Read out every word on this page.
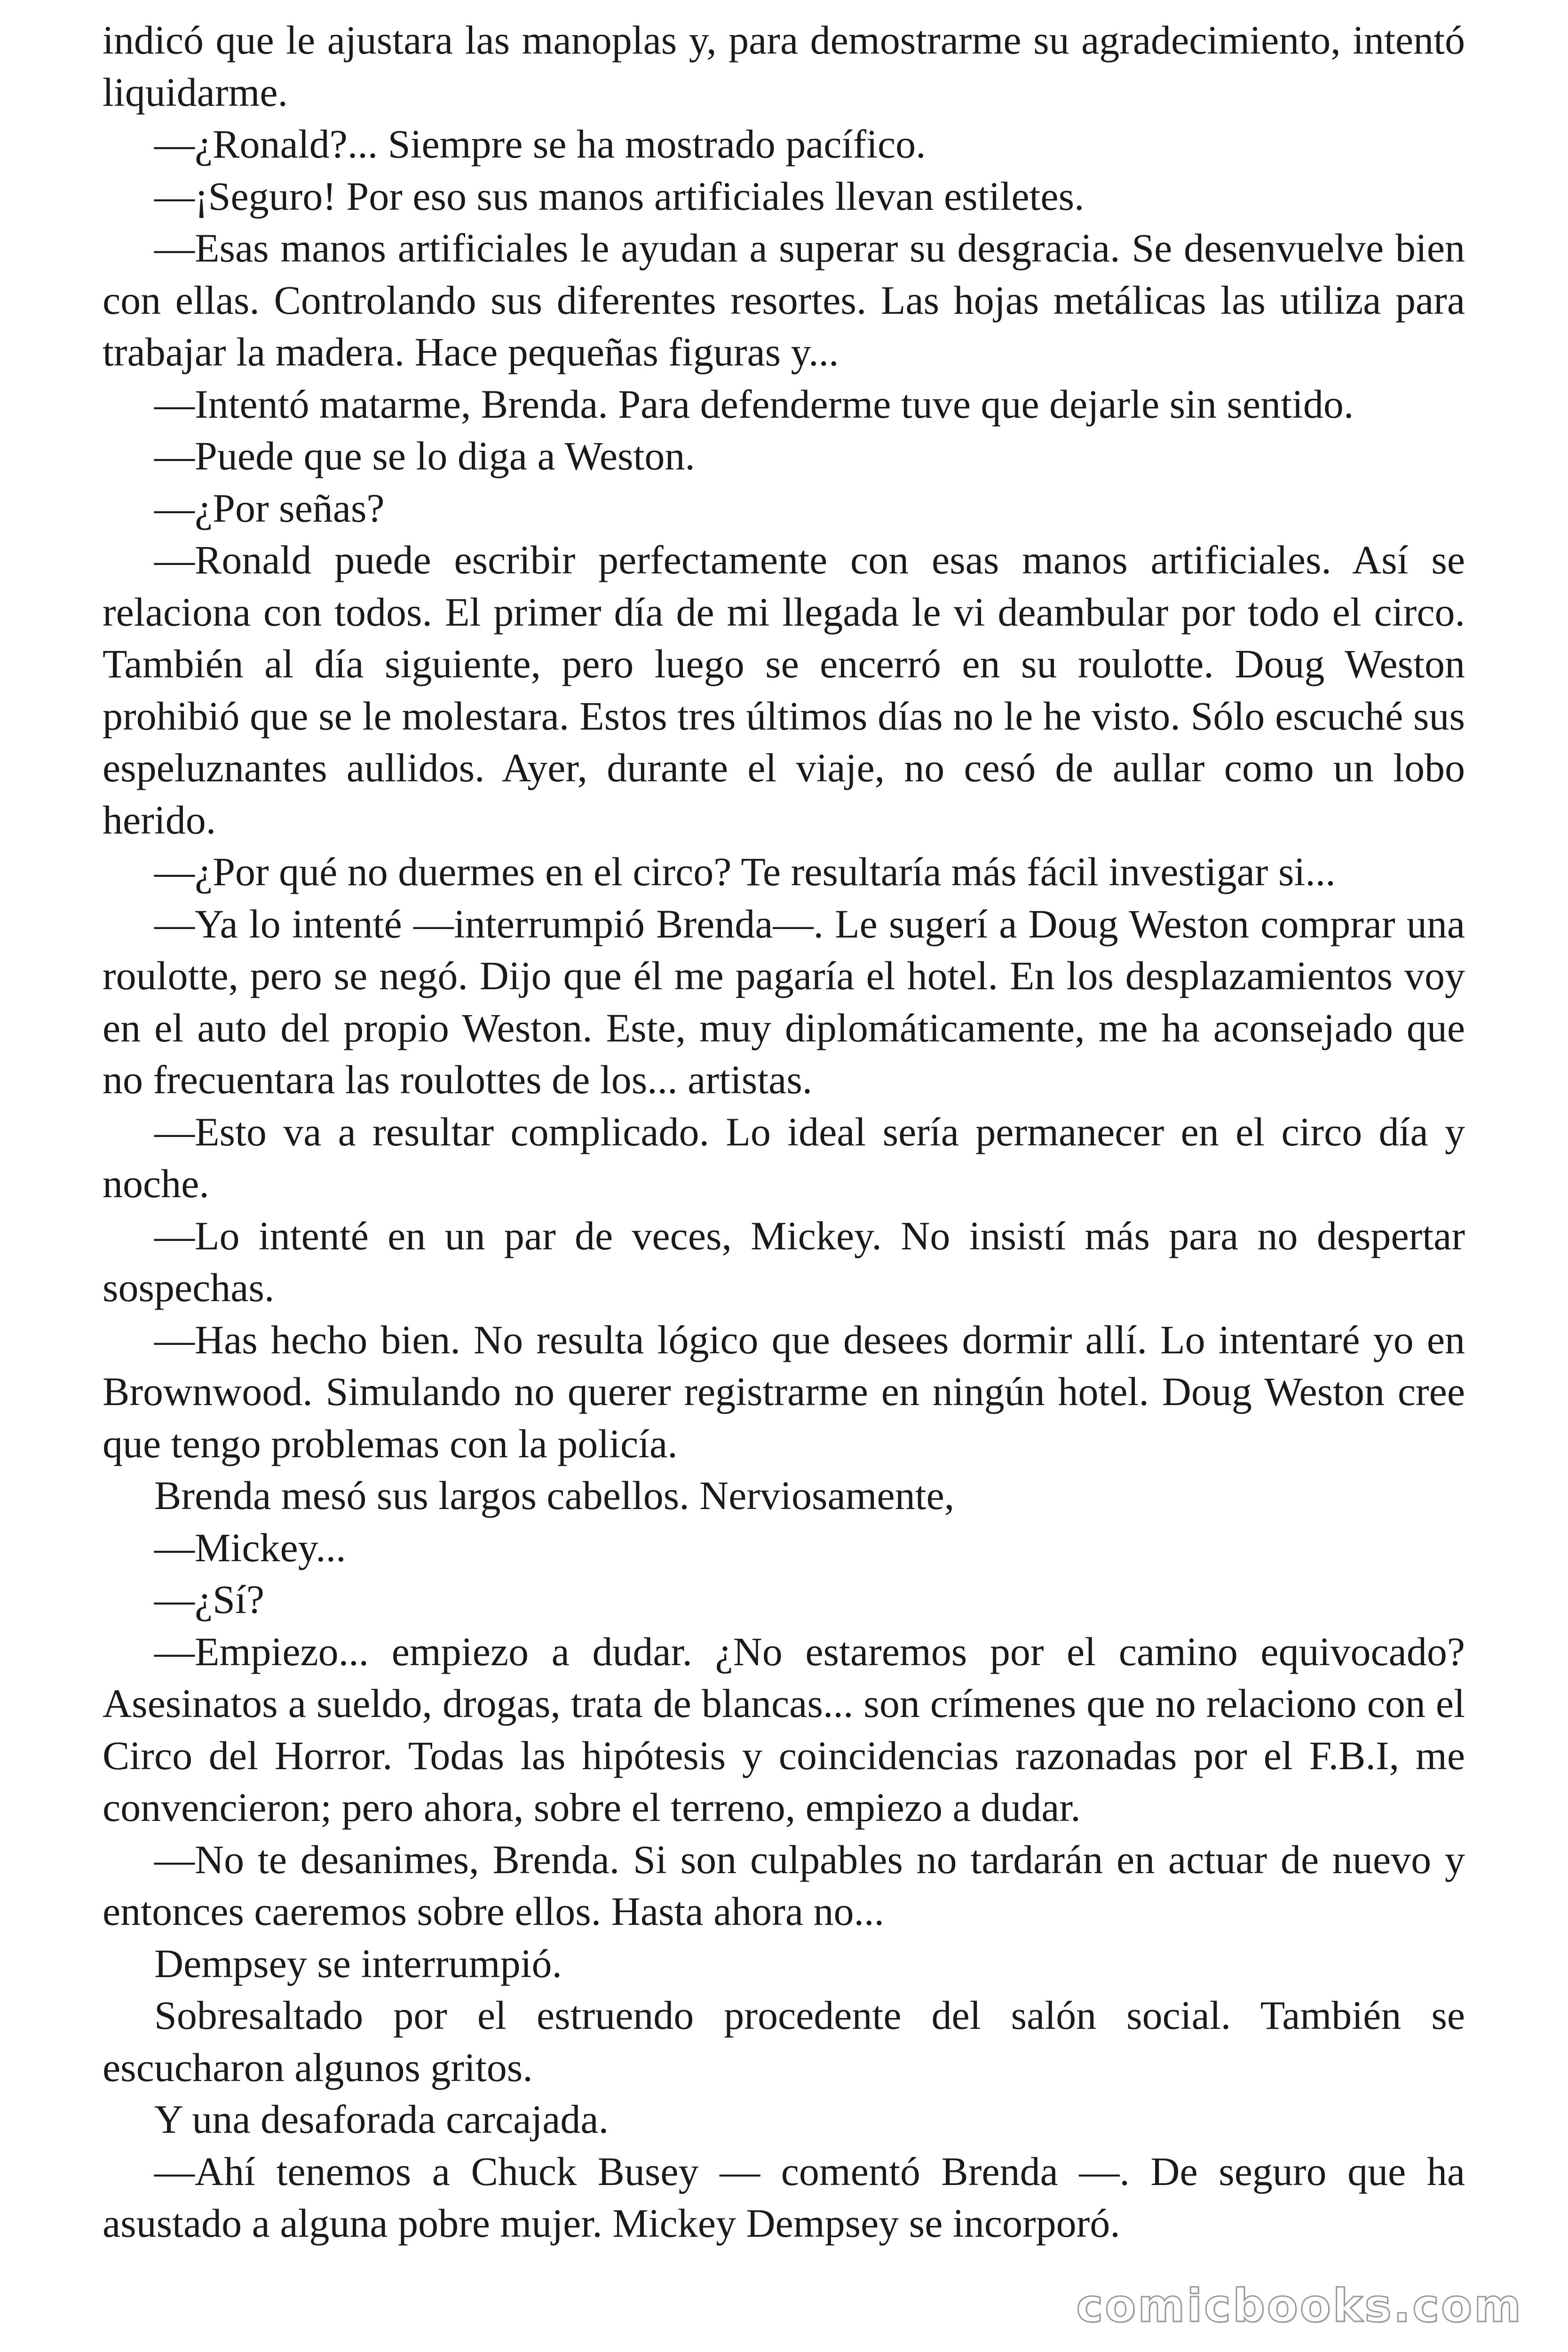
indicó que le ajustara las manoplas y, para demostrarme su agradecimiento, intentó liquidarme.

—¿Ronald?... Siempre se ha mostrado pacífico.

—¡Seguro! Por eso sus manos artificiales llevan estiletes.

—Esas manos artificiales le ayudan a superar su desgracia. Se desenvuelve bien con ellas. Controlando sus diferentes resortes. Las hojas metálicas las utiliza para trabajar la madera. Hace pequeñas figuras y...

—Intentó matarme, Brenda. Para defenderme tuve que dejarle sin sentido.

—Puede que se lo diga a Weston.

—¿Por señas?

—Ronald puede escribir perfectamente con esas manos artificiales. Así se relaciona con todos. El primer día de mi llegada le vi deambular por todo el circo. También al día siguiente, pero luego se encerró en su roulotte. Doug Weston prohibió que se le molestara. Estos tres últimos días no le he visto. Sólo escuché sus espeluznantes aullidos. Ayer, durante el viaje, no cesó de aullar como un lobo herido.

—¿Por qué no duermes en el circo? Te resultaría más fácil investigar si...

—Ya lo intenté —interrumpió Brenda—. Le sugerí a Doug Weston comprar una roulotte, pero se negó. Dijo que él me pagaría el hotel. En los desplazamientos voy en el auto del propio Weston. Este, muy diplomáticamente, me ha aconsejado que no frecuentara las roulottes de los... artistas.

—Esto va a resultar complicado. Lo ideal sería permanecer en el circo día y noche.

—Lo intenté en un par de veces, Mickey. No insistí más para no despertar sospechas.

—Has hecho bien. No resulta lógico que desees dormir allí. Lo intentaré yo en Brownwood. Simulando no querer registrarme en ningún hotel. Doug Weston cree que tengo problemas con la policía.

Brenda mesó sus largos cabellos. Nerviosamente,

—Mickey...

—¿Sí?

—Empiezo... empiezo a dudar. ¿No estaremos por el camino equivocado? Asesinatos a sueldo, drogas, trata de blancas... son crímenes que no relaciono con el Circo del Horror. Todas las hipótesis y coincidencias razonadas por el F.B.I, me convencieron; pero ahora, sobre el terreno, empiezo a dudar.

—No te desanimes, Brenda. Si son culpables no tardarán en actuar de nuevo y entonces caeremos sobre ellos. Hasta ahora no...

Dempsey se interrumpió.

Sobresaltado por el estruendo procedente del salón social. También se escucharon algunos gritos.

Y una desaforada carcajada.

—Ahí tenemos a Chuck Busey — comentó Brenda —. De seguro que ha asustado a alguna pobre mujer. Mickey Dempsey se incorporó.

comicbooks.com
